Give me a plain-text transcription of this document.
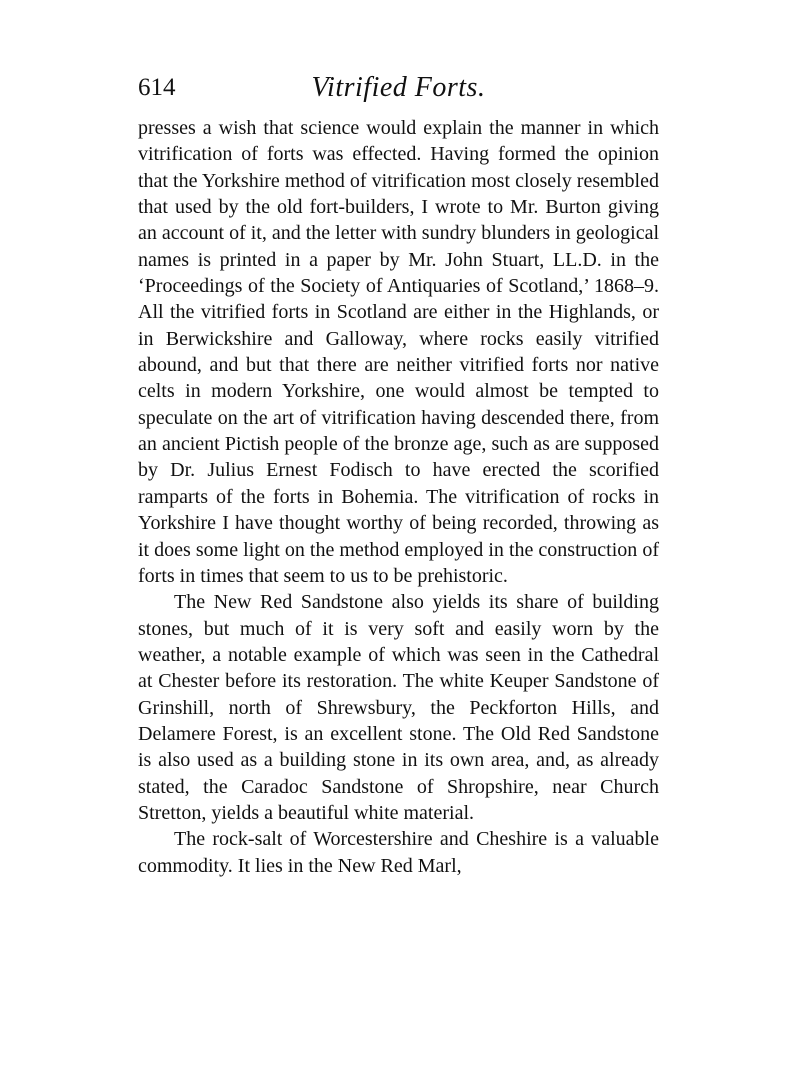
614	Vitrified Forts.

presses a wish that science would explain the manner in which vitrification of forts was effected. Having formed the opinion that the Yorkshire method of vitrification most closely resembled that used by the old fort-builders, I wrote to Mr. Burton giving an account of it, and the letter with sundry blunders in geological names is printed in a paper by Mr. John Stuart, LL.D. in the ‘Proceedings of the Society of Antiquaries of Scotland,’ 1868–9. All the vitrified forts in Scotland are either in the Highlands, or in Berwickshire and Galloway, where rocks easily vitrified abound, and but that there are neither vitrified forts nor native celts in modern Yorkshire, one would almost be tempted to speculate on the art of vitrification having descended there, from an ancient Pictish people of the bronze age, such as are supposed by Dr. Julius Ernest Fodisch to have erected the scorified ramparts of the forts in Bohemia. The vitrification of rocks in Yorkshire I have thought worthy of being recorded, throwing as it does some light on the method employed in the construction of forts in times that seem to us to be prehistoric.

The New Red Sandstone also yields its share of building stones, but much of it is very soft and easily worn by the weather, a notable example of which was seen in the Cathedral at Chester before its restoration. The white Keuper Sandstone of Grinshill, north of Shrewsbury, the Peckforton Hills, and Delamere Forest, is an excellent stone. The Old Red Sandstone is also used as a building stone in its own area, and, as already stated, the Caradoc Sandstone of Shropshire, near Church Stretton, yields a beautiful white material.

The rock-salt of Worcestershire and Cheshire is a valuable commodity. It lies in the New Red Marl,
